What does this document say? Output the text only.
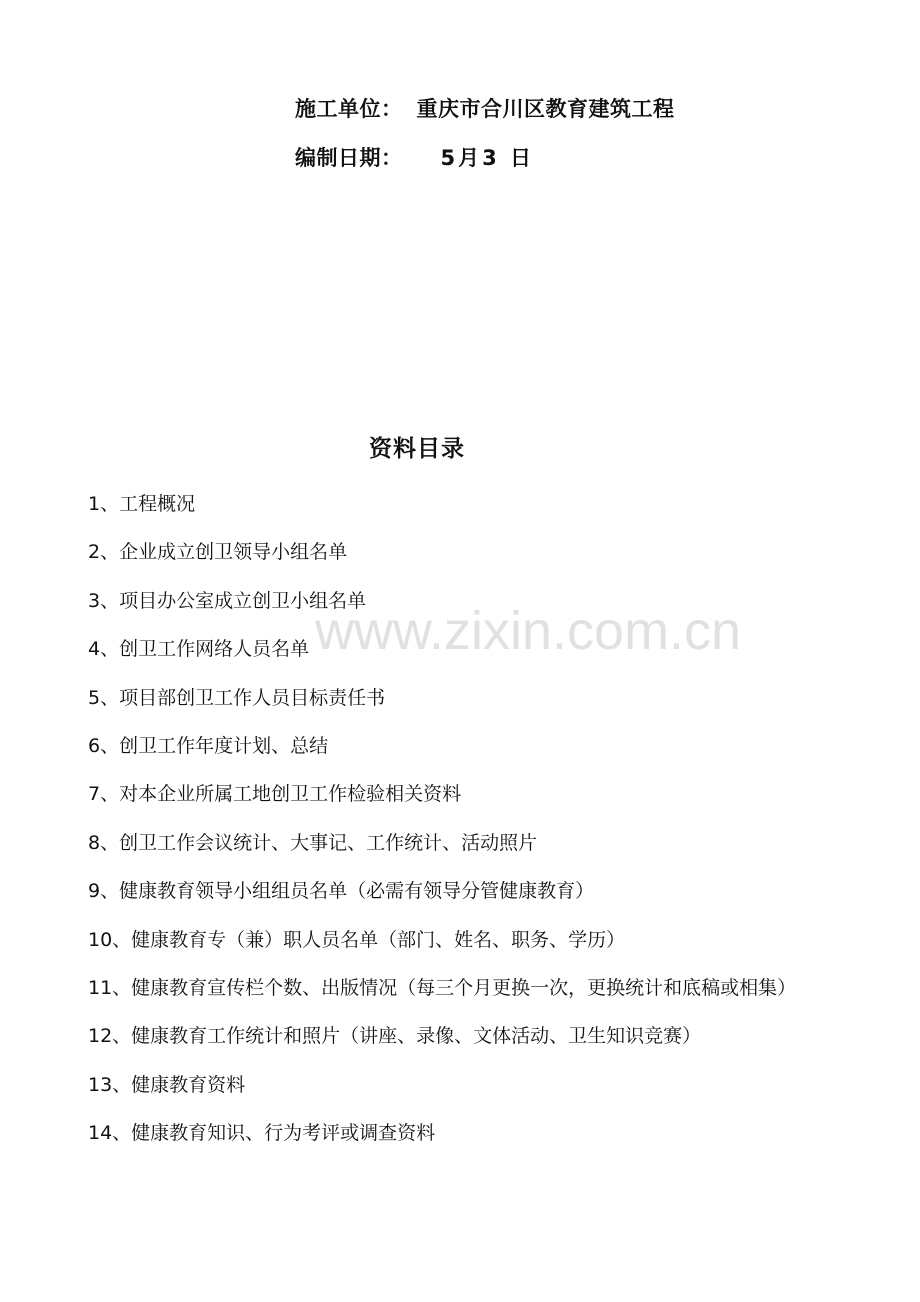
施工单位： 重庆市合川区教育建筑工程
编制日期： 5月3 日
资料目录
1、工程概况
2、企业成立创卫领导小组名单
3、项目办公室成立创卫小组名单
4、创卫工作网络人员名单
5、项目部创卫工作人员目标责任书
6、创卫工作年度计划、总结
7、对本企业所属工地创卫工作检验相关资料
8、创卫工作会议统计、大事记、工作统计、活动照片
9、健康教育领导小组组员名单（必需有领导分管健康教育）
10、健康教育专（兼）职人员名单（部门、姓名、职务、学历）
11、健康教育宣传栏个数、出版情况（每三个月更换一次，更换统计和底稿或相集）
12、健康教育工作统计和照片（讲座、录像、文体活动、卫生知识竞赛）
13、健康教育资料
14、健康教育知识、行为考评或调查资料
www.zixin.com.cn
